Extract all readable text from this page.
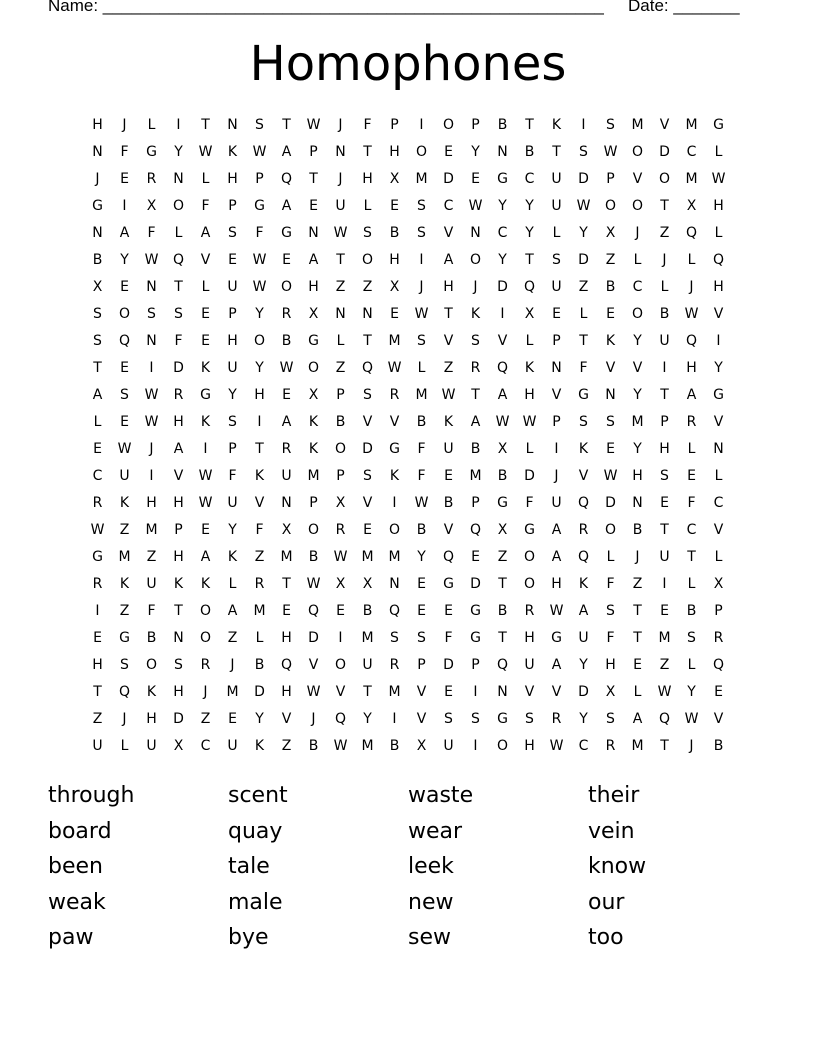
Name: _____________________________________________________ Date: _______
Homophones
H	J	L	I	T	N	S	T	W	J	F	P	I	O	P	B	T	K	I	S	M	V	M	G
N	F	G	Y	W	K	W	A	P	N	T	H	O	E	Y	N	B	T	S	W	O	D	C	L
J	E	R	N	L	H	P	Q	T	J	H	X	M	D	E	G	C	U	D	P	V	O	M	W
G	I	X	O	F	P	G	A	E	U	L	E	S	C	W	Y	Y	U	W	O	O	T	X	H
N	A	F	L	A	S	F	G	N	W	S	B	S	V	N	C	Y	L	Y	X	J	Z	Q	L
B	Y	W	Q	V	E	W	E	A	T	O	H	I	A	O	Y	T	S	D	Z	L	J	L	Q
X	E	N	T	L	U	W	O	H	Z	Z	X	J	H	J	D	Q	U	Z	B	C	L	J	H
S	O	S	S	E	P	Y	R	X	N	N	E	W	T	K	I	X	E	L	E	O	B	W	V
S	Q	N	F	E	H	O	B	G	L	T	M	S	V	S	V	L	P	T	K	Y	U	Q	I
T	E	I	D	K	U	Y	W	O	Z	Q	W	L	Z	R	Q	K	N	F	V	V	I	H	Y
A	S	W	R	G	Y	H	E	X	P	S	R	M	W	T	A	H	V	G	N	Y	T	A	G
L	E	W	H	K	S	I	A	K	B	V	V	B	K	A	W W	P	S	S	M	P	R	V
E	W	J	A	I	P	T	R	K	O	D	G	F	U	B	X	L	I	K	E	Y	H	L	N
C	U	I	V	W	F	K	U	M	P	S	K	F	E	M	B	D	J	V	W	H	S	E	L
R	K	H	H	W	U	V	N	P	X	V	I	W	B	P	G	F	U	Q	D	N	E	F	C
W	Z	M	P	E	Y	F	X	O	R	E	O	B	V	Q	X	G	A	R	O	B	T	C	V
G	M	Z	H	A	K	Z	M	B	W	M	M	Y	Q	E	Z	O	A	Q	L	J	U	T	L
R	K	U	K	K	L	R	T	W	X	X	N	E	G	D	T	O	H	K	F	Z	I	L	X
I	Z	F	T	O	A	M	E	Q	E	B	Q	E	E	G	B	R	W	A	S	T	E	B	P
E	G	B	N	O	Z	L	H	D	I	M	S	S	F	G	T	H	G	U	F	T	M	S	R
H	S	O	S	R	J	B	Q	V	O	U	R	P	D	P	Q	U	A	Y	H	E	Z	L	Q
T	Q	K	H	J	M	D	H	W	V	T	M	V	E	I	N	V	V	D	X	L	W	Y	E
Z	J	H	D	Z	E	Y	V	J	Q	Y	I	V	S	S	G	S	R	Y	S	A	Q	W	V
U	L	U	X	C	U	K	Z	B	W	M	B	X	U	I	O	H	W	C	R	M	T	J	B
through	scent	waste	their
board	quay	wear	vein
been	tale	leek	know
weak	male	new	our
paw	bye	sew	too
